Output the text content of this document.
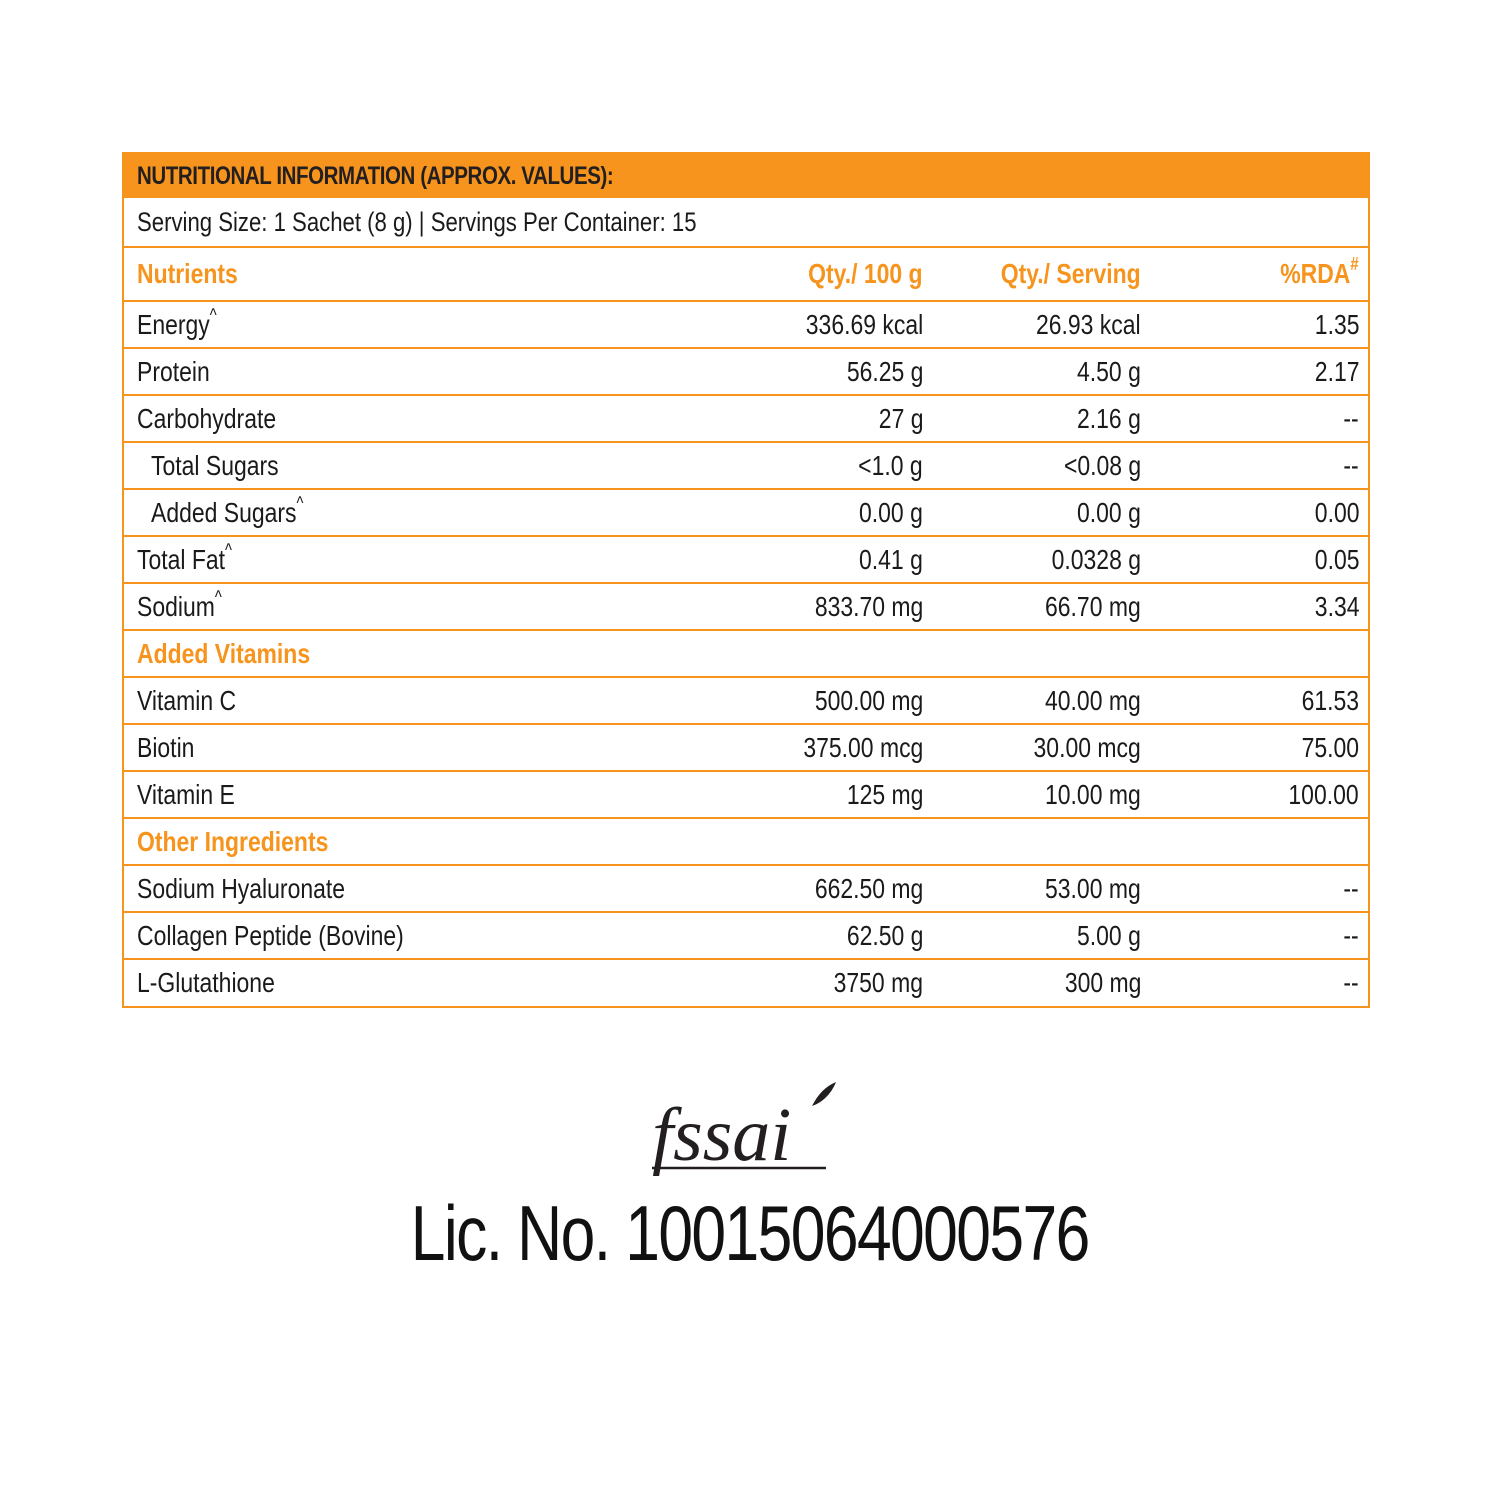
NUTRITIONAL INFORMATION (APPROX. VALUES):
Serving Size: 1 Sachet (8 g) | Servings Per Container: 15
Nutrients	Qty./ 100 g	Qty./ Serving	%RDA#
Energy^	336.69 kcal	26.93 kcal	1.35
Protein	56.25 g	4.50 g	2.17
Carbohydrate	27 g	2.16 g	--
Total Sugars	<1.0 g	<0.08 g	--
Added Sugars^	0.00 g	0.00 g	0.00
Total Fat^	0.41 g	0.0328 g	0.05
Sodium^	833.70 mg	66.70 mg	3.34
Added Vitamins			
Vitamin C	500.00 mg	40.00 mg	61.53
Biotin	375.00 mcg	30.00 mcg	75.00
Vitamin E	125 mg	10.00 mg	100.00
Other Ingredients			
Sodium Hyaluronate	662.50 mg	53.00 mg	--
Collagen Peptide (Bovine)	62.50 g	5.00 g	--
L-Glutathione	3750 mg	300 mg	--
fssai
Lic. No. 10015064000576
